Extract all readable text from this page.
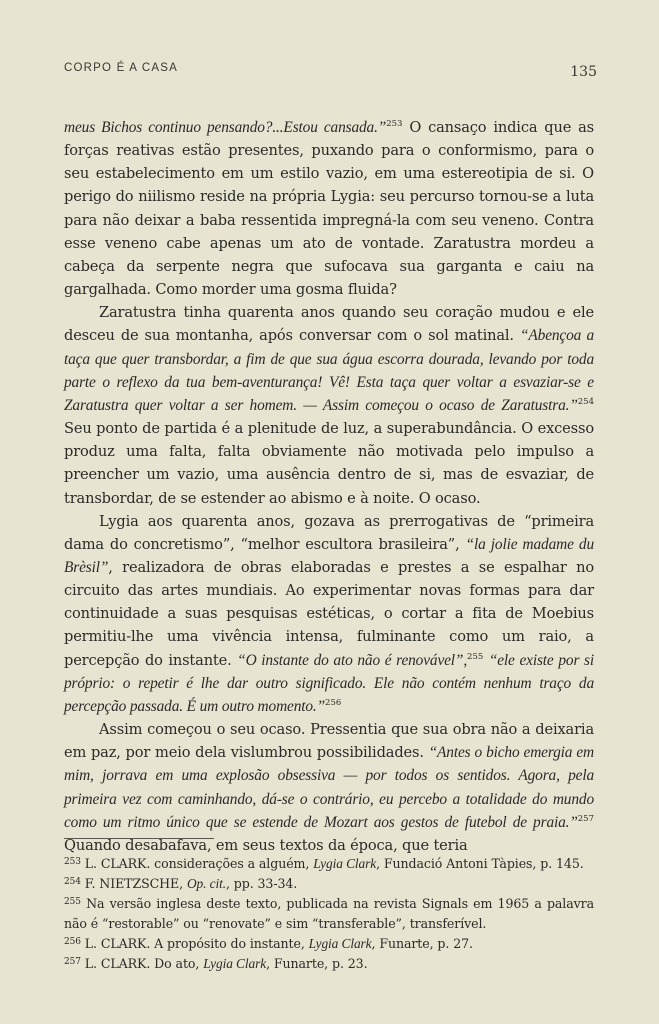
CORPO É A CASA	135

meus Bichos continuo pensando?...Estou cansada.”$^{253}$ O cansaço indica que as forças reativas estão presentes, puxando para o conformismo, para o seu estabelecimento em um estilo vazio, em uma estereotipia de si. O perigo do niilismo reside na própria Lygia: seu percurso tornou-se a luta para não deixar a baba ressentida impregná-la com seu veneno. Contra esse veneno cabe apenas um ato de vontade. Zaratustra mordeu a cabeça da serpente negra que sufocava sua garganta e caiu na gargalhada. Como morder uma gosma fluida?

Zaratustra tinha quarenta anos quando seu coração mudou e ele desceu de sua montanha, após conversar com o sol matinal. “Abençoa a taça que quer transbordar, a fim de que sua água escorra dourada, levando por toda parte o reflexo da tua bem-aventurança! Vê! Esta taça quer voltar a esvaziar-se e Zaratustra quer voltar a ser homem. — Assim começou o ocaso de Zaratustra.”$^{254}$ Seu ponto de partida é a plenitude de luz, a superabundância. O excesso produz uma falta, falta obviamente não motivada pelo impulso a preencher um vazio, uma ausência dentro de si, mas de esvaziar, de transbordar, de se estender ao abismo e à noite. O ocaso.

Lygia aos quarenta anos, gozava as prerrogativas de “primeira dama do concretismo”, “melhor escultora brasileira”, “la jolie madame du Brèsil”, realizadora de obras elaboradas e prestes a se espalhar no circuito das artes mundiais. Ao experimentar novas formas para dar continuidade a suas pesquisas estéticas, o cortar a fita de Moebius permitiu-lhe uma vivência intensa, fulminante como um raio, a percepção do instante. “O instante do ato não é renovável”,$^{255}$ “ele existe por si próprio: o repetir é lhe dar outro significado. Ele não contém nenhum traço da percepção passada. É um outro momento.”$^{256}$

Assim começou o seu ocaso. Pressentia que sua obra não a deixaria em paz, por meio dela vislumbrou possibilidades. “Antes o bicho emergia em mim, jorrava em uma explosão obsessiva — por todos os sentidos. Agora, pela primeira vez com caminhando, dá-se o contrário, eu percebo a totalidade do mundo como um ritmo único que se estende de Mozart aos gestos de futebol de praia.”$^{257}$ Quando desabafava, em seus textos da época, que teria

$^{253}$ L. CLARK. considerações a alguém, Lygia Clark, Fundació Antoni Tàpies, p. 145.

$^{254}$ F. NIETZSCHE, Op. cit., pp. 33-34.

$^{255}$ Na versão inglesa deste texto, publicada na revista Signals em 1965 a palavra não é “restorable” ou “renovate” e sim “transferable”, transferível.

$^{256}$ L. CLARK. A propósito do instante, Lygia Clark, Funarte, p. 27.

$^{257}$ L. CLARK. Do ato, Lygia Clark, Funarte, p. 23.
